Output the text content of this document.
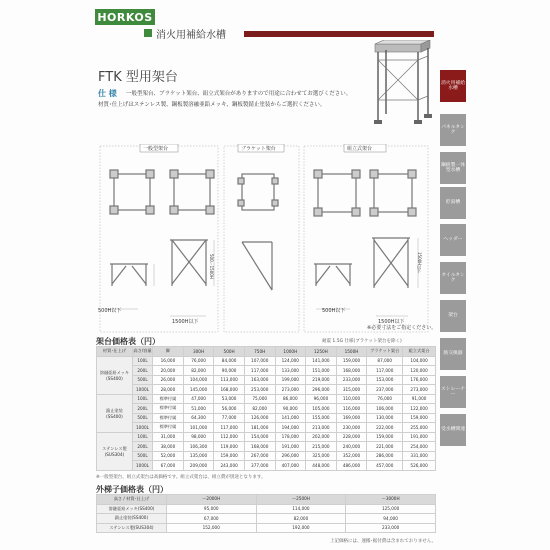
HORKOS
消火用補給水槽
FTK 型用架台
仕 様 一般型架台、ブラケット架台、組立式架台がありますので用途に合わせてお選びください。
材質･仕上げはステンレス製、鋼板製溶融亜鉛メッキ、鋼板製錆止塗装からご選択ください。
消火用補給水槽
パネルタンク
鋼板製一体型水槽
貯湯槽
ヘッダー
オイルタンク
架台
熱交換器
ストレーナー
受水槽関連
一般型架台	ブラケット架台	組立式架台
500H以下
1500H以下
500H以下
1500H以下
500～1500H	1500H以下
※必要寸法をご指定ください。
架台価格表（円）	耐震 1.5G 仕様(ブラケット架台を除く)
材質･仕上げ	高さ/容量	脚	300H	500H	750H	1000H	1250H	1500H	ブラケット架台	組立式架台

溶融亜鉛メッキ
(SS400)	100L	16,000	76,000	84,000	107,000	124,000	141,000	159,000	87,000	104,000
	200L	20,000	82,000	90,000	117,000	133,000	151,000	168,000	117,000	120,000
	500L	26,000	104,000	113,000	163,000	199,000	219,000	233,000	153,000	176,000
	1000L	28,000	145,000	168,000	253,000	273,000	296,000	315,000	237,000	273,000

錆止塗装
(SS400)	100L	標準付属	47,000	53,000	75,000	86,000	96,000	110,000	76,000	91,000
	200L	標準付属	51,000	56,000	82,000	90,000	105,000	116,000	106,000	122,000
	500L	標準付属	64,300	77,000	126,000	141,000	155,000	169,000	130,000	159,000
	1000L	標準付属	101,000	117,000	181,000	194,000	213,000	230,000	222,000	255,000

ステンレス製
(SUS304)	100L	31,000	98,000	112,000	154,000	178,000	202,000	228,000	159,000	191,000
	200L	38,000	106,300	119,000	168,000	191,000	215,000	240,000	221,000	254,000
	500L	52,000	135,000	159,000	267,000	296,000	325,000	352,000	286,000	331,000
	1000L	67,000	209,000	243,000	377,000	407,000	448,000	486,000	457,000	526,000
※一般型架台、組立式架台は高価格です。組立式架台は、組立費が別途となります。
外梯子価格表（円）
高さ / 材質･仕上げ	～2000H	～2500H	～3000H
溶融亜鉛メッキ(SS400)	95,000	114,000	125,000
錆止塗装(SS400)	67,000	82,000	94,000
ステンレス製(SUS304)	152,000	192,000	233,000
上記価格には、運搬･据付費は含まれておりません。
